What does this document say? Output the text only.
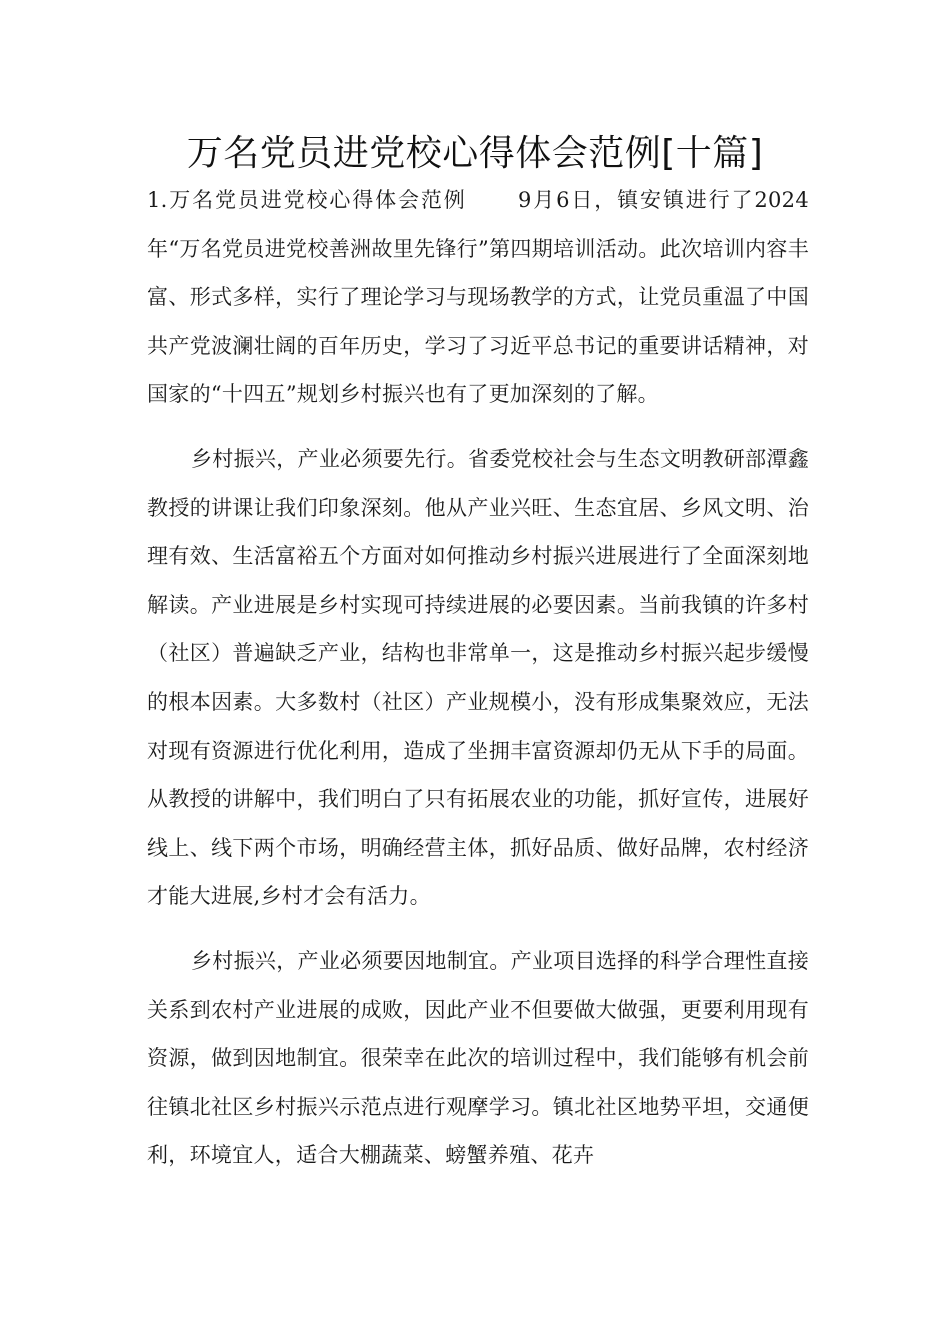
万名党员进党校心得体会范例[十篇]

1.万名党员进党校心得体会范例 9月6日，镇安镇进行了2024年“万名党员进党校善洲故里先锋行”第四期培训活动。此次培训内容丰富、形式多样，实行了理论学习与现场教学的方式，让党员重温了中国共产党波澜壮阔的百年历史，学习了习近平总书记的重要讲话精神，对国家的“十四五”规划乡村振兴也有了更加深刻的了解。

乡村振兴，产业必须要先行。省委党校社会与生态文明教研部潭鑫教授的讲课让我们印象深刻。他从产业兴旺、生态宜居、乡风文明、治理有效、生活富裕五个方面对如何推动乡村振兴进展进行了全面深刻地解读。产业进展是乡村实现可持续进展的必要因素。当前我镇的许多村（社区）普遍缺乏产业，结构也非常单一，这是推动乡村振兴起步缓慢的根本因素。大多数村（社区）产业规模小，没有形成集聚效应，无法对现有资源进行优化利用，造成了坐拥丰富资源却仍无从下手的局面。从教授的讲解中，我们明白了只有拓展农业的功能，抓好宣传，进展好线上、线下两个市场，明确经营主体，抓好品质、做好品牌，农村经济才能大进展,乡村才会有活力。

乡村振兴，产业必须要因地制宜。产业项目选择的科学合理性直接关系到农村产业进展的成败，因此产业不但要做大做强，更要利用现有资源，做到因地制宜。很荣幸在此次的培训过程中，我们能够有机会前往镇北社区乡村振兴示范点进行观摩学习。镇北社区地势平坦，交通便利，环境宜人，适合大棚蔬菜、螃蟹养殖、花卉
